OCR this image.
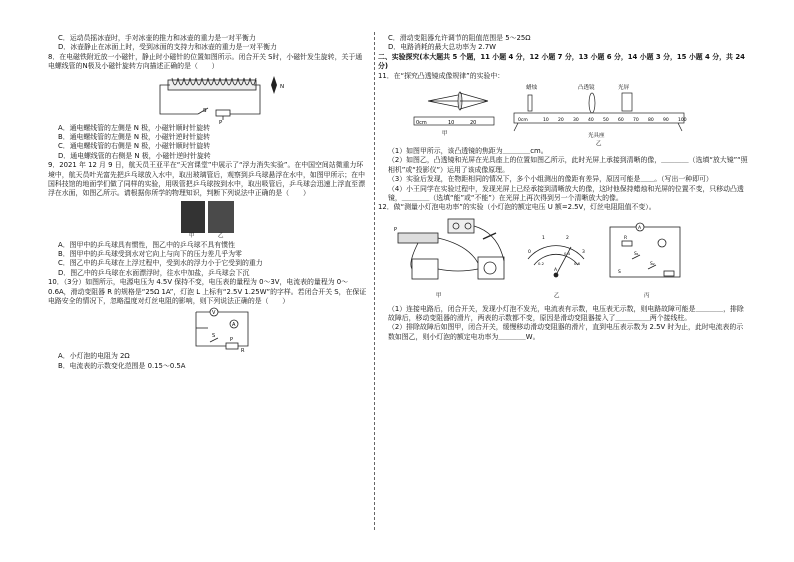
C．运动员摇冰壶时，手对冰壶的推力和冰壶的重力是一对平衡力

D．冰壶静止在冰面上时，受到冰面的支持力和冰壶的重力是一对平衡力

8．在电磁铁附近放一小磁针，静止时小磁针的位置如图所示。闭合开关 S时，小磁针发生旋转，关于通电螺线管的N极及小磁针旋转方向描述正确的是（　　）

S
P
N

A．通电螺线管的左侧是 N 极，小磁针顺时针旋转

B．通电螺线管的左侧是 N 极，小磁针逆时针旋转

C．通电螺线管的右侧是 N 极，小磁针顺时针旋转

D．通电螺线管的右侧是 N 极，小磁针逆时针旋转

9．2021 年 12 月 9 日，航天员王亚平在“天宫课堂”中展示了“浮力消失实验”。在中国空间站微重力环境中，航天员叶光富先把乒乓球放入水中，取出玻璃管后，观察到乒乓球悬浮在水中，如图甲所示；在中国科技馆的地面学们做了同样的实验，用吸管把乒乓球按到水中，取出吸管后，乒乓球会迅速上浮直至漂浮在水面，如图乙所示。请根据你所学的物理知识，判断下列说法中正确的是（　　）

甲	乙

A．图甲中的乒乓球具有惯性，图乙中的乒乓球不具有惯性

B．图甲中的乒乓球受到水对它向上与向下的压力差几乎为零

C．图乙中的乒乓球在上浮过程中，受到水的浮力小于它受到的重力

D．图乙中的乒乓球在水面漂浮时，往水中加盐，乒乓球会下沉

10．（3分）如图所示，电源电压为 4.5V 保持不变，电压表的量程为 0～3V，电流表的量程为 0～0.6A，滑动变阻器 R 的规格是“25Ω 1A”，灯泡 L 上标有“2.5V 1.25W”的字样。若闭合开关 S，在保证电路安全的情况下，忽略温度对灯丝电阻的影响，则下列说法正确的是（　　）

V
A
S
P
R

A．小灯泡的电阻为 2Ω

B．电流表的示数变化范围是 0.15～0.5A

C．滑动变阻器允许调节的阻值范围是 5～25Ω

D．电路消耗的最大总功率为 2.7W

二、实验探究(本大题共 5 个题，11 小题 4 分，12 小题 7 分，13 小题 6 分，14 小题 3 分，15 小题 4 分，共 24 分)

11．在“探究凸透镜成像规律”的实验中：

0cm	10	20
甲
蜡烛	凸透镜	光屏
10 20 30 40 50 60 70 80 90 100
0cm
光具座
乙

（1）如图甲所示，该凸透镜的焦距为＿＿＿＿cm。

（2）如图乙，凸透镜和光屏在光具座上的位置如图乙所示，此时光屏上承接到清晰的像，＿＿＿＿（选填“放大镜”“照相机”或“投影仪”）运用了该成像原理。

（3）实验后发现，在物距相同的情况下，多个小组测出的像距有差异，原因可能是＿＿。（写出一种即可）

（4）小王同学在实验过程中，发现光屏上已经承接到清晰放大的像，这时他保持蜡烛和光屏的位置不变，只移动凸透镜，＿＿＿＿（选填“能”或“不能”）在光屏上再次得到另一个清晰放大的像。

12．做“测量小灯泡电功率”的实验（小灯泡的额定电压 U 额=2.5V，灯丝电阻阻值不变）。

P
甲
0
1	2
3
0.2
0.4
0.6
A
乙
R
A
S₁
S₂
S
丙

（1）连接电路后，闭合开关，发现小灯泡不发光，电流表有示数，电压表无示数，则电路故障可能是＿＿＿＿，排除故障后，移动变阻器的滑片，两表的示数都不变，原因是滑动变阻器接入了＿＿＿＿＿两个接线柱。

（2）排除故障后如图甲，闭合开关，缓慢移动滑动变阻器的滑片，直到电压表示数为 2.5V 时为止，此时电流表的示数如图乙，则小灯泡的额定电功率为＿＿＿＿W。
